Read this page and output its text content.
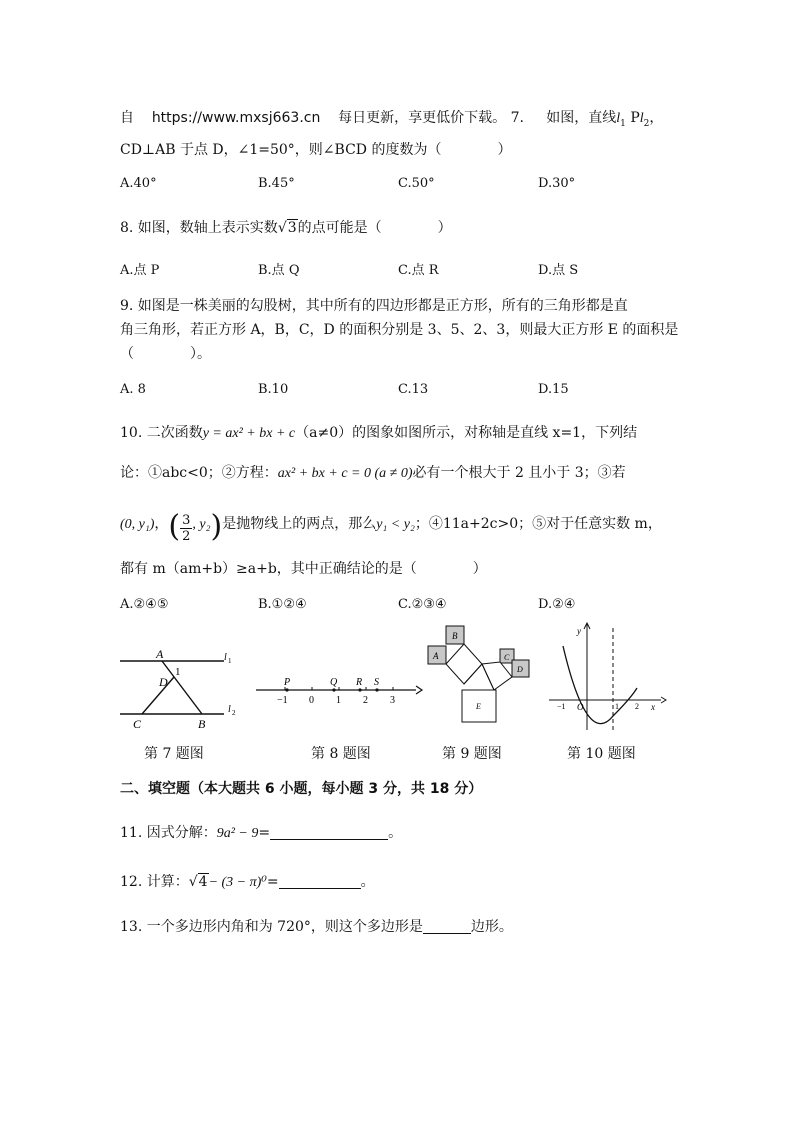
自 https://www.mxsj663.cn 每日更新，享更低价下载。 7. 如图，直线$l_1$ $Pl_2$，
CD⊥AB 于点 D，∠1=50°，则∠BCD 的度数为（　　　　）
A.40°	B.45°	C.50°	D.30°
8. 如图，数轴上表示实数√3的点可能是（　　　　）
A.点 P	B.点 Q	C.点 R	D.点 S
9. 如图是一株美丽的勾股树，其中所有的四边形都是正方形，所有的三角形都是直
角三角形，若正方形 A，B，C，D 的面积分别是 3、5、2、3，则最大正方形 E 的面积是
（　　　　）。
A. 8	B.10	C.13	D.15
10. 二次函数y = ax² + bx + c（a≠0）的图象如图所示，对称轴是直线 x=1，下列结
论：①abc<0；②方程：ax² + bx + c = 0 (a ≠ 0)必有一个根大于 2 且小于 3；③若
(0, y₁)，( $\frac{3}{2}$ , y₂)是抛物线上的两点，那么y₁ < y₂；④11a+2c>0；⑤对于任意实数 m，
都有 m（am+b）≥a+b，其中正确结论的是（　　　　）
A.②④⑤	B.①②④	C.②③④	D.②④
A
B
C
D
1
l 1
l 2
第 7 题图
P	Q R S
−1 0 1 2 3
第 8 题图
B
A	C
D
E
第 9 题图
y
x
O
−1	1 2
第 10 题图
二、填空题（本大题共 6 小题，每小题 3 分，共 18 分）
11. 因式分解：9a² − 9=	。
12. 计算：√4− (3 − π)⁰=	。
13. 一个多边形内角和为 720°，则这个多边形是	边形。
